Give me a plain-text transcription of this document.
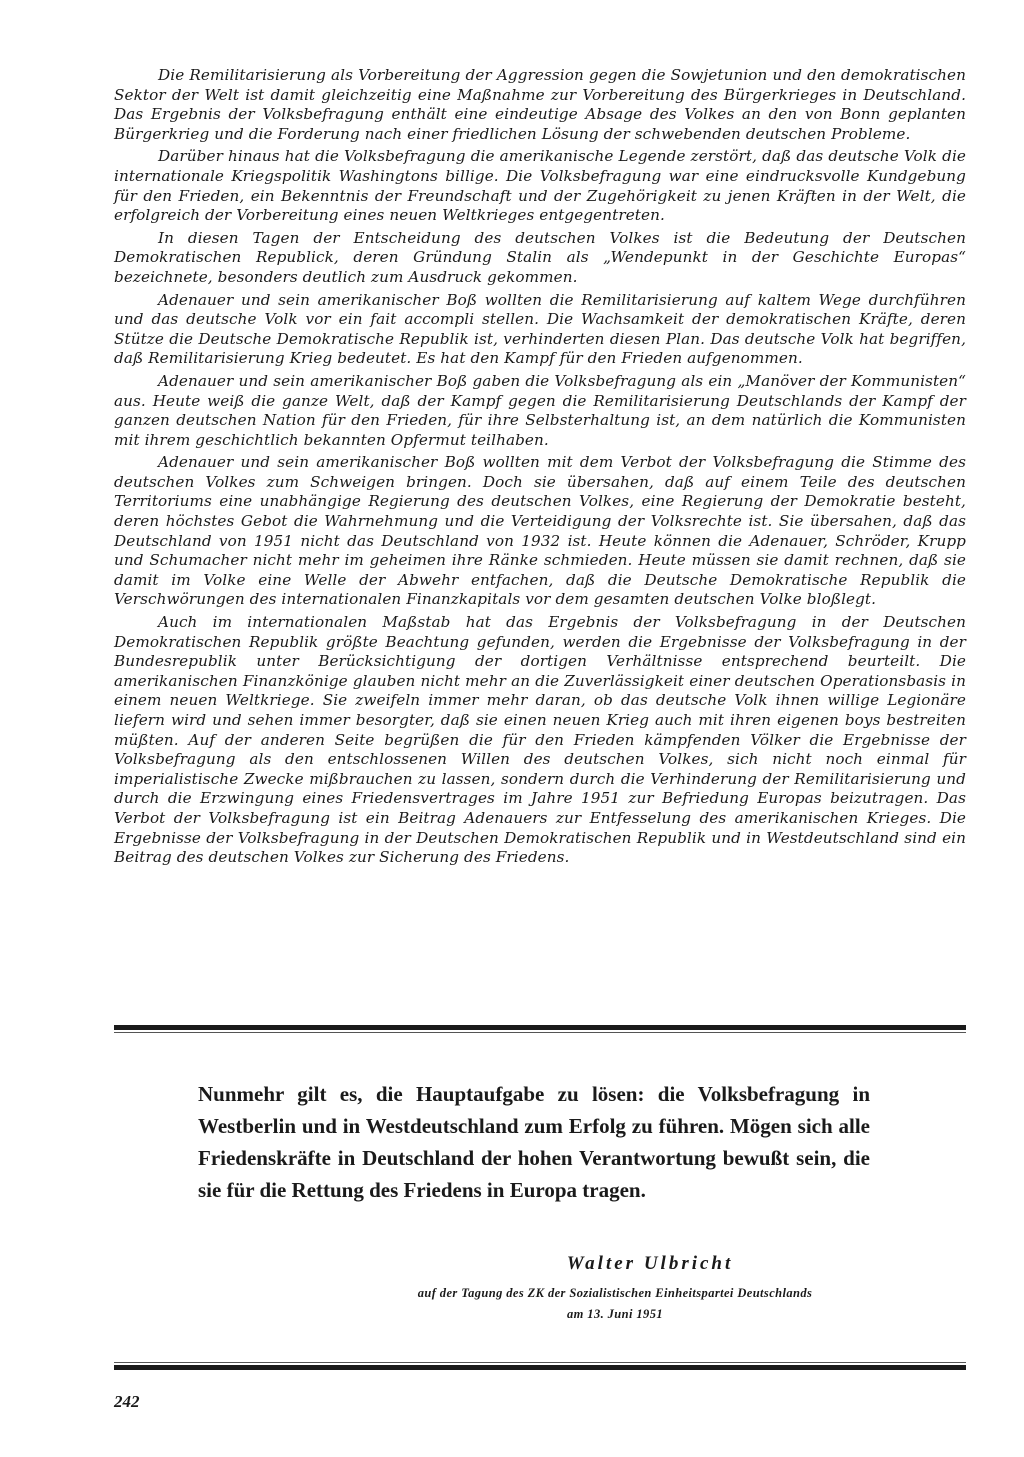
Die Remilitarisierung als Vorbereitung der Aggression gegen die Sowjetunion und den demokratischen Sektor der Welt ist damit gleichzeitig eine Maßnahme zur Vorbereitung des Bürgerkrieges in Deutschland. Das Ergebnis der Volksbefragung enthält eine eindeutige Absage des Volkes an den von Bonn geplanten Bürgerkrieg und die Forderung nach einer friedlichen Lösung der schwebenden deutschen Probleme.

Darüber hinaus hat die Volksbefragung die amerikanische Legende zerstört, daß das deutsche Volk die internationale Kriegspolitik Washingtons billige. Die Volksbefragung war eine eindrucksvolle Kundgebung für den Frieden, ein Bekenntnis der Freundschaft und der Zugehörigkeit zu jenen Kräften in der Welt, die erfolgreich der Vorbereitung eines neuen Weltkrieges entgegentreten.

In diesen Tagen der Entscheidung des deutschen Volkes ist die Bedeutung der Deutschen Demokratischen Republick, deren Gründung Stalin als „Wendepunkt in der Geschichte Europas“ bezeichnete, besonders deutlich zum Ausdruck gekommen.

Adenauer und sein amerikanischer Boß wollten die Remilitarisierung auf kaltem Wege durchführen und das deutsche Volk vor ein fait accompli stellen. Die Wachsamkeit der demokratischen Kräfte, deren Stütze die Deutsche Demokratische Republik ist, verhinderten diesen Plan. Das deutsche Volk hat begriffen, daß Remilitarisierung Krieg bedeutet. Es hat den Kampf für den Frieden aufgenommen.

Adenauer und sein amerikanischer Boß gaben die Volksbefragung als ein „Manöver der Kommunisten“ aus. Heute weiß die ganze Welt, daß der Kampf gegen die Remilitarisierung Deutschlands der Kampf der ganzen deutschen Nation für den Frieden, für ihre Selbsterhaltung ist, an dem natürlich die Kommunisten mit ihrem geschichtlich bekannten Opfermut teilhaben.

Adenauer und sein amerikanischer Boß wollten mit dem Verbot der Volksbefragung die Stimme des deutschen Volkes zum Schweigen bringen. Doch sie übersahen, daß auf einem Teile des deutschen Territoriums eine unabhängige Regierung des deutschen Volkes, eine Regierung der Demokratie besteht, deren höchstes Gebot die Wahrnehmung und die Verteidigung der Volksrechte ist. Sie übersahen, daß das Deutschland von 1951 nicht das Deutschland von 1932 ist. Heute können die Adenauer, Schröder, Krupp und Schumacher nicht mehr im geheimen ihre Ränke schmieden. Heute müssen sie damit rechnen, daß sie damit im Volke eine Welle der Abwehr entfachen, daß die Deutsche Demokratische Republik die Verschwörungen des internationalen Finanzkapitals vor dem gesamten deutschen Volke bloßlegt.

Auch im internationalen Maßstab hat das Ergebnis der Volksbefragung in der Deutschen Demokratischen Republik größte Beachtung gefunden, werden die Ergebnisse der Volksbefragung in der Bundesrepublik unter Berücksichtigung der dortigen Verhältnisse entsprechend beurteilt. Die amerikanischen Finanzkönige glauben nicht mehr an die Zuverlässigkeit einer deutschen Operationsbasis in einem neuen Weltkriege. Sie zweifeln immer mehr daran, ob das deutsche Volk ihnen willige Legionäre liefern wird und sehen immer besorgter, daß sie einen neuen Krieg auch mit ihren eigenen boys bestreiten müßten. Auf der anderen Seite begrüßen die für den Frieden kämpfenden Völker die Ergebnisse der Volksbefragung als den entschlossenen Willen des deutschen Volkes, sich nicht noch einmal für imperialistische Zwecke mißbrauchen zu lassen, sondern durch die Verhinderung der Remilitarisierung und durch die Erzwingung eines Friedensvertrages im Jahre 1951 zur Befriedung Europas beizutragen. Das Verbot der Volksbefragung ist ein Beitrag Adenauers zur Entfesselung des amerikanischen Krieges. Die Ergebnisse der Volksbefragung in der Deutschen Demokratischen Republik und in Westdeutschland sind ein Beitrag des deutschen Volkes zur Sicherung des Friedens.

Nunmehr gilt es, die Hauptaufgabe zu lösen: die Volksbefragung in Westberlin und in Westdeutschland zum Erfolg zu führen. Mögen sich alle Friedenskräfte in Deutschland der hohen Verantwortung bewußt sein, die sie für die Rettung des Friedens in Europa tragen.
Walter Ulbricht
auf der Tagung des ZK der Sozialistischen Einheitspartei Deutschlands
am 13. Juni 1951
242
